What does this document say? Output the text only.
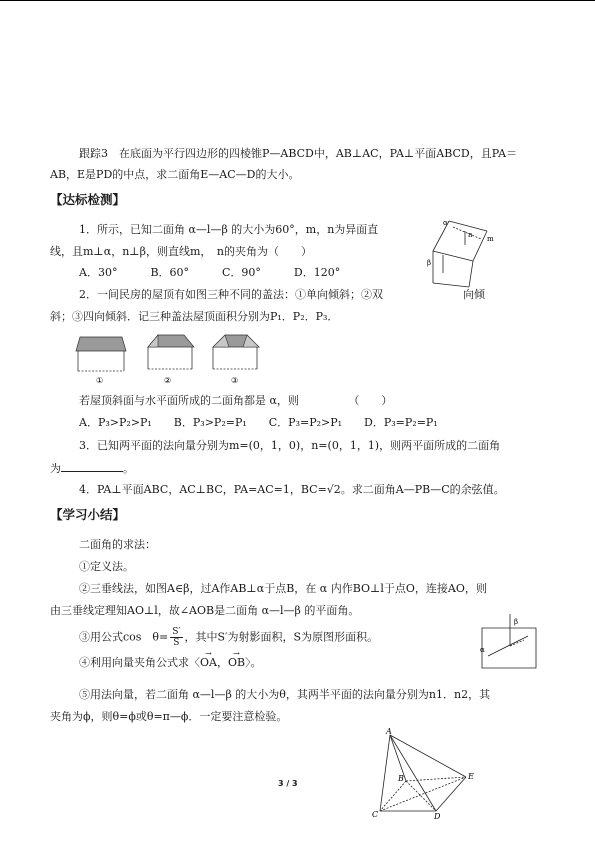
跟踪3　在底面为平行四边形的四棱锥P—ABCD中，AB⊥AC，PA⊥平面ABCD，且PA＝
AB，E是PD的中点，求二面角E—AC—D的大小。
【达标检测】
1．所示，已知二面角 α—l—β 的大小为60°，m，n为异面直
线，且m⊥α，n⊥β，则直线m，　n的夹角为（　　）
A．30°　　　B．60°　　　C．90°　　　D．120°
α
β
m
n
2．一间民房的屋顶有如图三种不同的盖法：①单向倾斜；②双	向倾
斜；③四向倾斜．记三种盖法屋顶面积分别为P₁．P₂．P₃．
①	②	③
若屋顶斜面与水平面所成的二面角都是 α，则　　　　　（　　）
A．P₃>P₂>P₁　　B．P₃>P₂=P₁　　C．P₃=P₂>P₁　　D．P₃=P₂=P₁
3．已知两平面的法向量分别为m=(0，1，0)，n=(0，1，1)，则两平面所成的二面角
为	。
4．PA⊥平面ABC，AC⊥BC，PA=AC=1，BC=√2。求二面角A—PB—C的余弦值。
【学习小结】
二面角的求法：
①定义法。
②三垂线法，如图A∈β，过A作AB⊥α于点B，在 α 内作BO⊥l于点O，连接AO，则
由三垂线定理知AO⊥l，故∠AOB是二面角 α—l—β 的平面角。
③用公式cos　$\theta= \frac{S'}{S}$ ，其中S′为射影面积，S为原图形面积。
α
β
④利用向量夹角公式求〈→ OA，→ OB〉。
⑤用法向量，若二面角 α—l—β 的大小为θ，其两半平面的法向量分别为n1．n2，其
夹角为ϕ，则θ=ϕ或θ=π—ϕ．一定要注意检验。
A
B
C	D
E
3 / 3
